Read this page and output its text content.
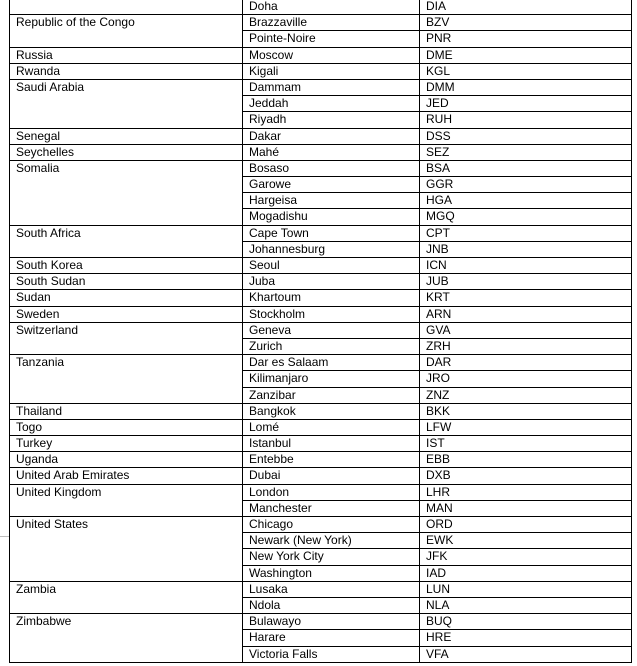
	Doha	DIA
Republic of the Congo	Brazzaville	BZV
	Pointe-Noire	PNR
Russia	Moscow	DME
Rwanda	Kigali	KGL
Saudi Arabia	Dammam	DMM
	Jeddah	JED
	Riyadh	RUH
Senegal	Dakar	DSS
Seychelles	Mahé	SEZ
Somalia	Bosaso	BSA
	Garowe	GGR
	Hargeisa	HGA
	Mogadishu	MGQ
South Africa	Cape Town	CPT
	Johannesburg	JNB
South Korea	Seoul	ICN
South Sudan	Juba	JUB
Sudan	Khartoum	KRT
Sweden	Stockholm	ARN
Switzerland	Geneva	GVA
	Zurich	ZRH
Tanzania	Dar es Salaam	DAR
	Kilimanjaro	JRO
	Zanzibar	ZNZ
Thailand	Bangkok	BKK
Togo	Lomé	LFW
Turkey	Istanbul	IST
Uganda	Entebbe	EBB
United Arab Emirates	Dubai	DXB
United Kingdom	London	LHR
	Manchester	MAN
United States	Chicago	ORD
	Newark (New York)	EWK
	New York City	JFK
	Washington	IAD
Zambia	Lusaka	LUN
	Ndola	NLA
Zimbabwe	Bulawayo	BUQ
	Harare	HRE
	Victoria Falls	VFA
